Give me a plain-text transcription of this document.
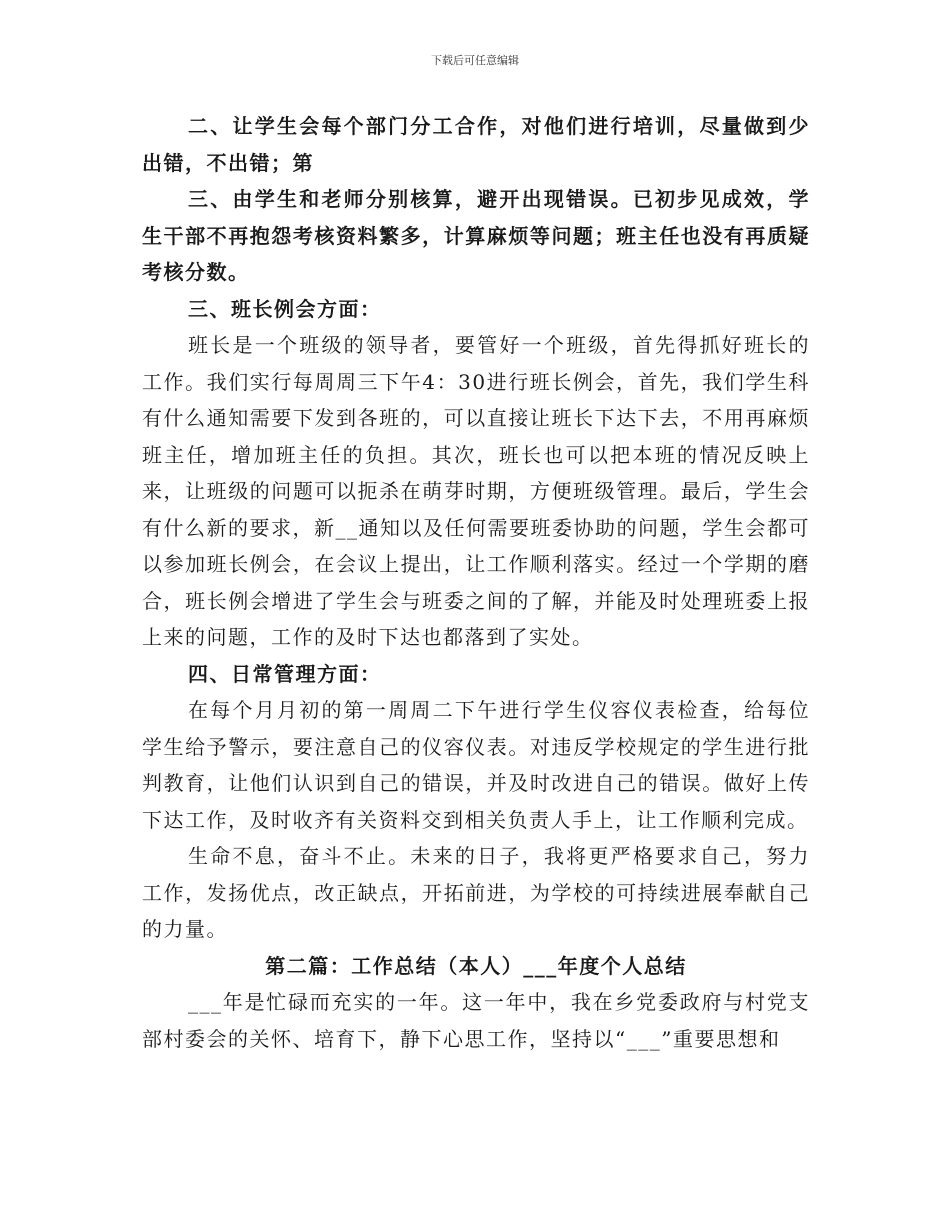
下载后可任意编辑

二、让学生会每个部门分工合作，对他们进行培训，尽量做到少出错，不出错；第

三、由学生和老师分别核算，避开出现错误。已初步见成效，学生干部不再抱怨考核资料繁多，计算麻烦等问题；班主任也没有再质疑考核分数。

三、班长例会方面：

班长是一个班级的领导者，要管好一个班级，首先得抓好班长的工作。我们实行每周周三下午4：30进行班长例会，首先，我们学生科有什么通知需要下发到各班的，可以直接让班长下达下去，不用再麻烦班主任，增加班主任的负担。其次，班长也可以把本班的情况反映上来，让班级的问题可以扼杀在萌芽时期，方便班级管理。最后，学生会有什么新的要求，新__通知以及任何需要班委协助的问题，学生会都可以参加班长例会，在会议上提出，让工作顺利落实。经过一个学期的磨合，班长例会增进了学生会与班委之间的了解，并能及时处理班委上报上来的问题，工作的及时下达也都落到了实处。

四、日常管理方面：

在每个月月初的第一周周二下午进行学生仪容仪表检查，给每位学生给予警示，要注意自己的仪容仪表。对违反学校规定的学生进行批判教育，让他们认识到自己的错误，并及时改进自己的错误。做好上传下达工作，及时收齐有关资料交到相关负责人手上，让工作顺利完成。

生命不息，奋斗不止。未来的日子，我将更严格要求自己，努力工作，发扬优点，改正缺点，开拓前进，为学校的可持续进展奉献自己的力量。

第二篇：工作总结（本人）___年度个人总结

___年是忙碌而充实的一年。这一年中，我在乡党委政府与村党支部村委会的关怀、培育下，静下心思工作，坚持以“___”重要思想和
